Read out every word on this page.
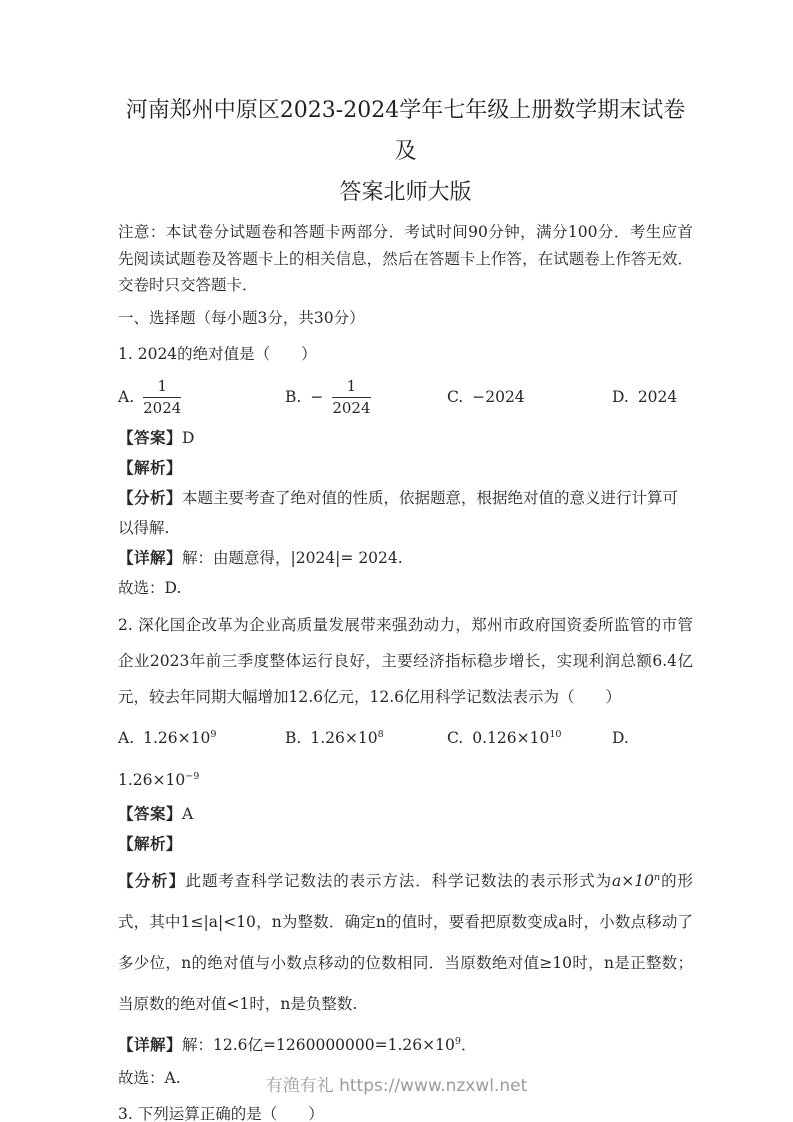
河南郑州中原区2023-2024学年七年级上册数学期末试卷及
答案北师大版

注意：本试卷分试题卷和答题卡两部分．考试时间90分钟，满分100分．考生应首先阅读试题卷及答题卡上的相关信息，然后在答题卡上作答，在试题卷上作答无效．交卷时只交答题卡．

一、选择题（每小题3分，共30分）

1. 2024的绝对值是（　　）

A. $\frac{1}{2024}$	B. − $\frac{1}{2024}$	C. −2024	D. 2024

【答案】D

【解析】

【分析】本题主要考查了绝对值的性质，依据题意，根据绝对值的意义进行计算可以得解.

【详解】解：由题意得，|2024|= 2024.

故选：D.

2. 深化国企改革为企业高质量发展带来强劲动力，郑州市政府国资委所监管的市管企业2023年前三季度整体运行良好，主要经济指标稳步增长，实现利润总额6.4亿元，较去年同期大幅增加12.6亿元，12.6亿用科学记数法表示为（　　）

A. $1.26\times 10^9$	B. $1.26\times 10^8$	C. $0.126\times 10^{10}$	D.

$1.26\times 10^{-9}$

【答案】A

【解析】

【分析】此题考查科学记数法的表示方法．科学记数法的表示形式为$a\times 10^n$的形式，其中1≤|a|<10，n为整数．确定n的值时，要看把原数变成a时，小数点移动了多少位，n的绝对值与小数点移动的位数相同．当原数绝对值≥10时，n是正整数；当原数的绝对值<1时，n是负整数.

【详解】解：12.6亿$=1260000000=1.26\times 10^9$．

故选：A.

3. 下列运算正确的是（　　）

有渔有礼 https://www.nzxwl.net
